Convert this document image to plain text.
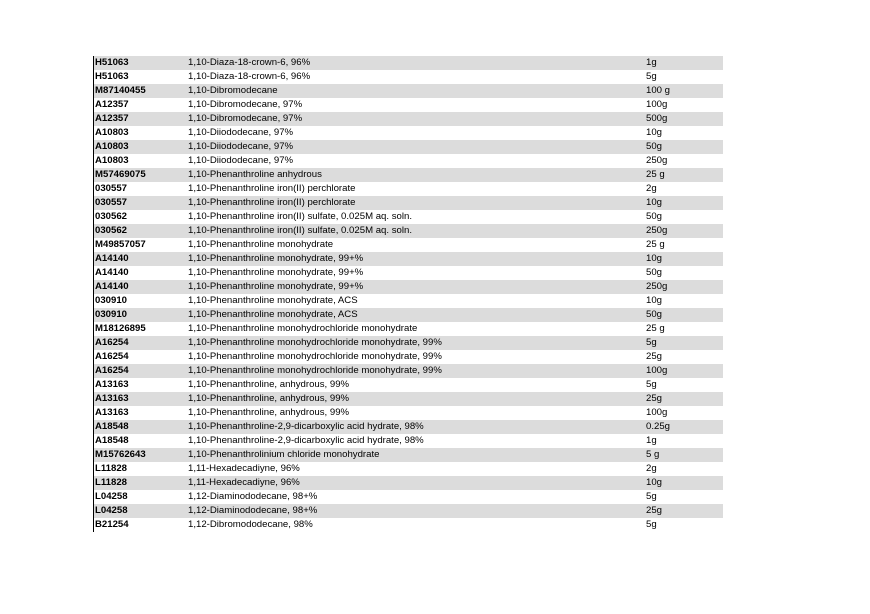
H51063	1,10-Diaza-18-crown-6, 96%	1g
H51063	1,10-Diaza-18-crown-6, 96%	5g
M87140455	1,10-Dibromodecane	100 g
A12357	1,10-Dibromodecane, 97%	100g
A12357	1,10-Dibromodecane, 97%	500g
A10803	1,10-Diiododecane, 97%	10g
A10803	1,10-Diiododecane, 97%	50g
A10803	1,10-Diiododecane, 97%	250g
M57469075	1,10-Phenanthroline anhydrous	25 g
030557	1,10-Phenanthroline iron(II) perchlorate	2g
030557	1,10-Phenanthroline iron(II) perchlorate	10g
030562	1,10-Phenanthroline iron(II) sulfate, 0.025M aq. soln.	50g
030562	1,10-Phenanthroline iron(II) sulfate, 0.025M aq. soln.	250g
M49857057	1,10-Phenanthroline monohydrate	25 g
A14140	1,10-Phenanthroline monohydrate, 99+%	10g
A14140	1,10-Phenanthroline monohydrate, 99+%	50g
A14140	1,10-Phenanthroline monohydrate, 99+%	250g
030910	1,10-Phenanthroline monohydrate, ACS	10g
030910	1,10-Phenanthroline monohydrate, ACS	50g
M18126895	1,10-Phenanthroline monohydrochloride monohydrate	25 g
A16254	1,10-Phenanthroline monohydrochloride monohydrate, 99%	5g
A16254	1,10-Phenanthroline monohydrochloride monohydrate, 99%	25g
A16254	1,10-Phenanthroline monohydrochloride monohydrate, 99%	100g
A13163	1,10-Phenanthroline, anhydrous, 99%	5g
A13163	1,10-Phenanthroline, anhydrous, 99%	25g
A13163	1,10-Phenanthroline, anhydrous, 99%	100g
A18548	1,10-Phenanthroline-2,9-dicarboxylic acid hydrate, 98%	0.25g
A18548	1,10-Phenanthroline-2,9-dicarboxylic acid hydrate, 98%	1g
M15762643	1,10-Phenanthrolinium chloride monohydrate	5 g
L11828	1,11-Hexadecadiyne, 96%	2g
L11828	1,11-Hexadecadiyne, 96%	10g
L04258	1,12-Diaminododecane, 98+%	5g
L04258	1,12-Diaminododecane, 98+%	25g
B21254	1,12-Dibromododecane, 98%	5g
